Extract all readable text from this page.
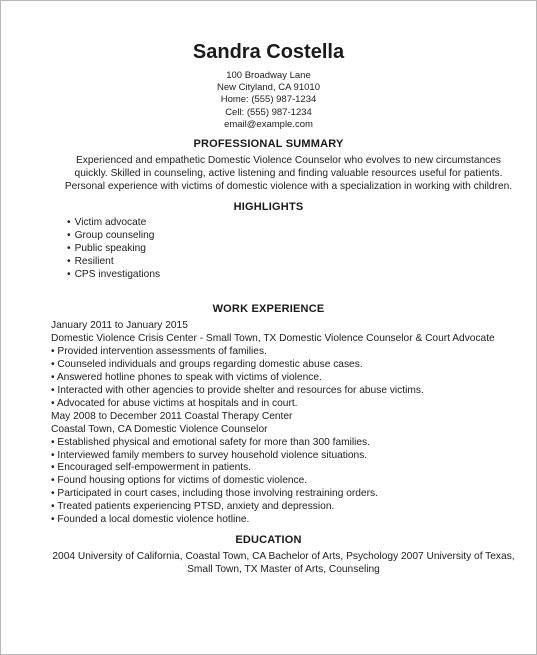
Sandra Costella
100 Broadway Lane
New Cityland, CA 91010
Home: (555) 987-1234
Cell: (555) 987-1234
email@example.com
PROFESSIONAL SUMMARY
Experienced and empathetic Domestic Violence Counselor who evolves to new circumstances
quickly. Skilled in counseling, active listening and finding valuable resources useful for patients.
Personal experience with victims of domestic violence with a specialization in working with children.
HIGHLIGHTS
• Victim advocate
• Group counseling
• Public speaking
• Resilient
• CPS investigations
WORK EXPERIENCE
January 2011 to January 2015
Domestic Violence Crisis Center - Small Town, TX Domestic Violence Counselor & Court Advocate
• Provided intervention assessments of families.
• Counseled individuals and groups regarding domestic abuse cases.
• Answered hotline phones to speak with victims of violence.
• Interacted with other agencies to provide shelter and resources for abuse victims.
• Advocated for abuse victims at hospitals and in court.
May 2008 to December 2011 Coastal Therapy Center
Coastal Town, CA Domestic Violence Counselor
• Established physical and emotional safety for more than 300 families.
• Interviewed family members to survey household violence situations.
• Encouraged self-empowerment in patients.
• Found housing options for victims of domestic violence.
• Participated in court cases, including those involving restraining orders.
• Treated patients experiencing PTSD, anxiety and depression.
• Founded a local domestic violence hotline.
EDUCATION
2004 University of California, Coastal Town, CA Bachelor of Arts, Psychology 2007 University of Texas,
Small Town, TX Master of Arts, Counseling
